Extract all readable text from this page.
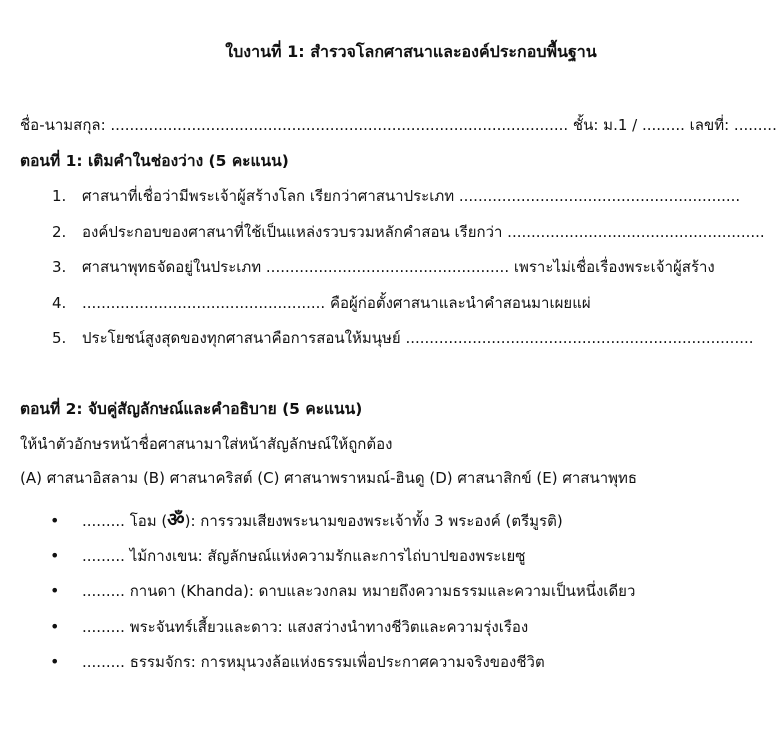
ใบงานที่ 1: สำรวจโลกศาสนาและองค์ประกอบพื้นฐาน
ชื่อ-นามสกุล: ................................................................................................ ชั้น: ม.1 / ......... เลขที่: .........
ตอนที่ 1: เติมคำในช่องว่าง (5 คะแนน)
1. ศาสนาที่เชื่อว่ามีพระเจ้าผู้สร้างโลก เรียกว่าศาสนาประเภท ...........................................................
2. องค์ประกอบของศาสนาที่ใช้เป็นแหล่งรวบรวมหลักคำสอน เรียกว่า ......................................................
3. ศาสนาพุทธจัดอยู่ในประเภท ................................................... เพราะไม่เชื่อเรื่องพระเจ้าผู้สร้าง
4. ................................................... คือผู้ก่อตั้งศาสนาและนำคำสอนมาเผยแผ่
5. ประโยชน์สูงสุดของทุกศาสนาคือการสอนให้มนุษย์ .........................................................................
ตอนที่ 2: จับคู่สัญลักษณ์และคำอธิบาย (5 คะแนน)
ให้นำตัวอักษรหน้าชื่อศาสนามาใส่หน้าสัญลักษณ์ให้ถูกต้อง
(A) ศาสนาอิสลาม (B) ศาสนาคริสต์ (C) ศาสนาพราหมณ์-ฮินดู (D) ศาสนาสิกข์ (E) ศาสนาพุทธ
• ......... โอม (ॐ): การรวมเสียงพระนามของพระเจ้าทั้ง 3 พระองค์ (ตรีมูรติ)
• ......... ไม้กางเขน: สัญลักษณ์แห่งความรักและการไถ่บาปของพระเยซู
• ......... กานดา (Khanda): ดาบและวงกลม หมายถึงความธรรมและความเป็นหนึ่งเดียว
• ......... พระจันทร์เสี้ยวและดาว: แสงสว่างนำทางชีวิตและความรุ่งเรือง
• ......... ธรรมจักร: การหมุนวงล้อแห่งธรรมเพื่อประกาศความจริงของชีวิต
